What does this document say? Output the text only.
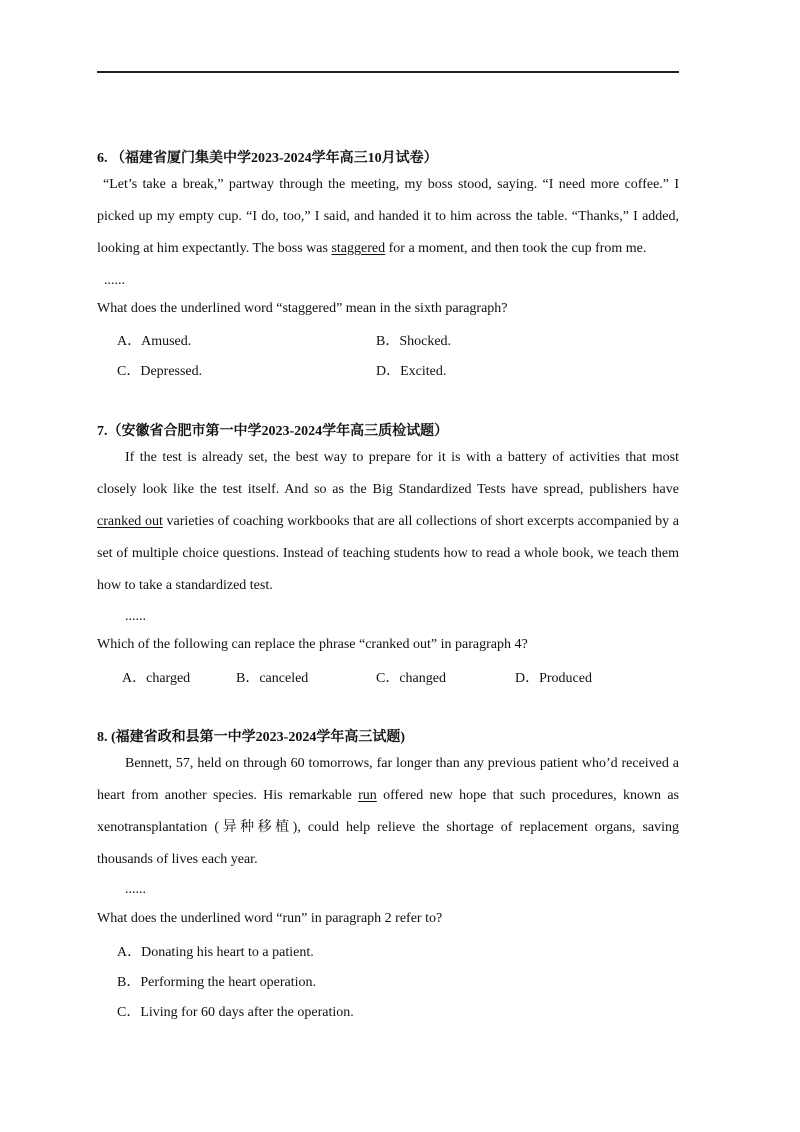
6. （福建省厦门集美中学2023-2024学年高三10月试卷）
“Let’s take a break,” partway through the meeting, my boss stood, saying. “I need more coffee.” I picked up my empty cup. “I do, too,” I said, and handed it to him across the table. “Thanks,” I added, looking at him expectantly. The boss was staggered for a moment, and then took the cup from me.
......
What does the underlined word “staggered” mean in the sixth paragraph?
A．Amused.	B．Shocked.
C．Depressed.	D．Excited.
7.（安徽省合肥市第一中学2023-2024学年高三质检试题）
If the test is already set, the best way to prepare for it is with a battery of activities that most closely look like the test itself. And so as the Big Standardized Tests have spread, publishers have cranked out varieties of coaching workbooks that are all collections of short excerpts accompanied by a set of multiple choice questions. Instead of teaching students how to read a whole book, we teach them how to take a standardized test.
......
Which of the following can replace the phrase “cranked out” in paragraph 4?
A．charged	B．canceled	C．changed	D．Produced
8. (福建省政和县第一中学2023-2024学年高三试题)
Bennett, 57, held on through 60 tomorrows, far longer than any previous patient who’d received a heart from another species. His remarkable run offered new hope that such procedures, known as xenotransplantation (异种移植), could help relieve the shortage of replacement organs, saving thousands of lives each year.
......
What does the underlined word “run” in paragraph 2 refer to?
A．Donating his heart to a patient.
B．Performing the heart operation.
C．Living for 60 days after the operation.
